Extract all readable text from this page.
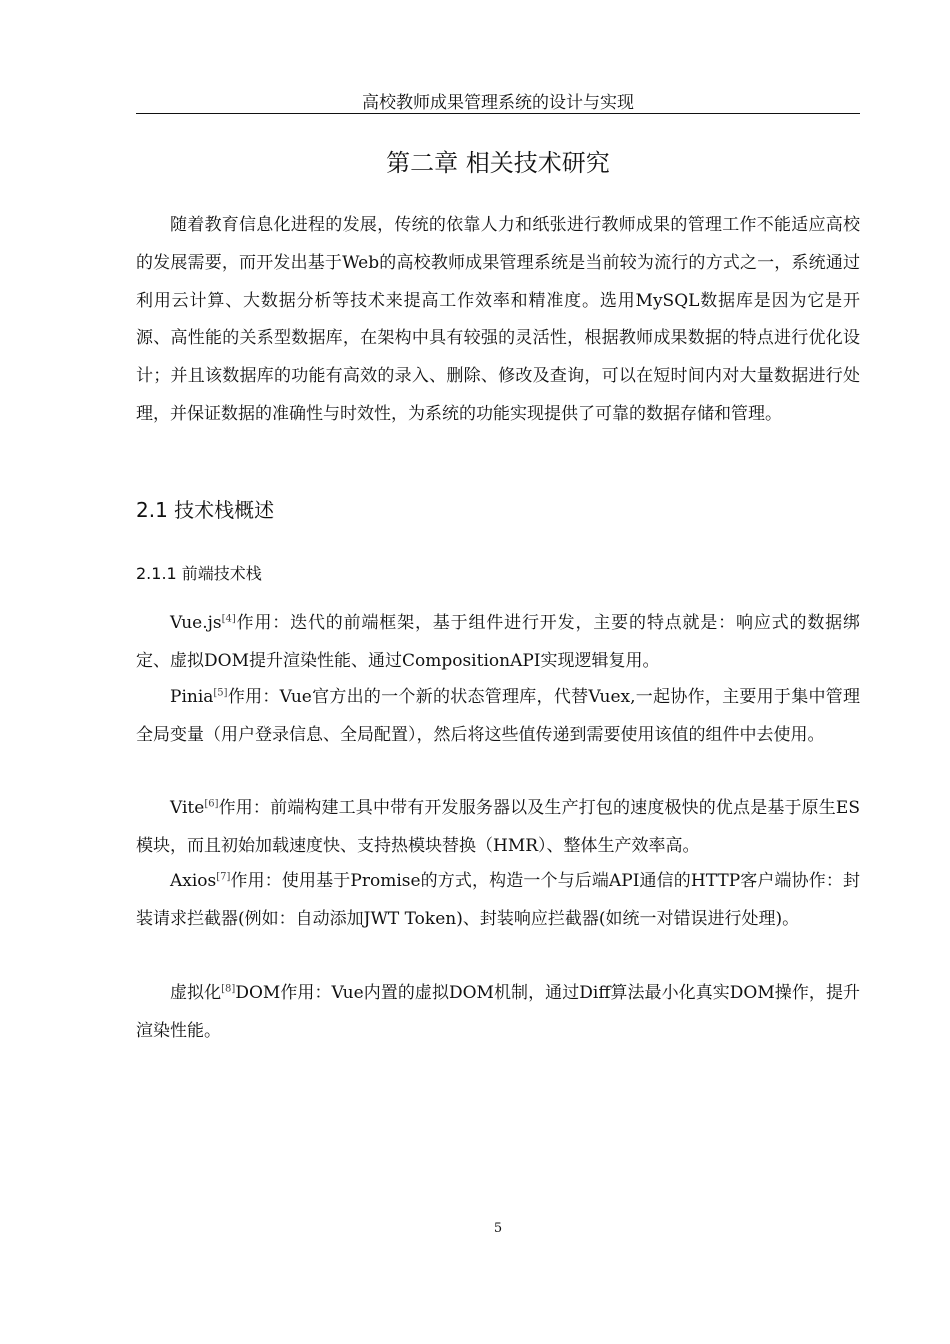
高校教师成果管理系统的设计与实现
第二章 相关技术研究

随着教育信息化进程的发展，传统的依靠人力和纸张进行教师成果的管理工作不能适应高校的发展需要，而开发出基于Web的高校教师成果管理系统是当前较为流行的方式之一，系统通过利用云计算、大数据分析等技术来提高工作效率和精准度。选用MySQL数据库是因为它是开源、高性能的关系型数据库，在架构中具有较强的灵活性，根据教师成果数据的特点进行优化设计；并且该数据库的功能有高效的录入、删除、修改及查询，可以在短时间内对大量数据进行处理，并保证数据的准确性与时效性，为系统的功能实现提供了可靠的数据存储和管理。

2.1 技术栈概述
2.1.1 前端技术栈

Vue.js[4]作用：迭代的前端框架，基于组件进行开发，主要的特点就是：响应式的数据绑定、虚拟DOM提升渲染性能、通过CompositionAPI实现逻辑复用。

Pinia[5]作用：Vue官方出的一个新的状态管理库，代替Vuex,一起协作，主要用于集中管理全局变量（用户登录信息、全局配置），然后将这些值传递到需要使用该值的组件中去使用。

Vite[6]作用：前端构建工具中带有开发服务器以及生产打包的速度极快的优点是基于原生ES模块，而且初始加载速度快、支持热模块替换（HMR）、整体生产效率高。

Axios[7]作用：使用基于Promise的方式，构造一个与后端API通信的HTTP客户端协作：封装请求拦截器(例如：自动添加JWT Token)、封装响应拦截器(如统一对错误进行处理)。

虚拟化[8]DOM作用：Vue内置的虚拟DOM机制，通过Diff算法最小化真实DOM操作，提升渲染性能。

5
